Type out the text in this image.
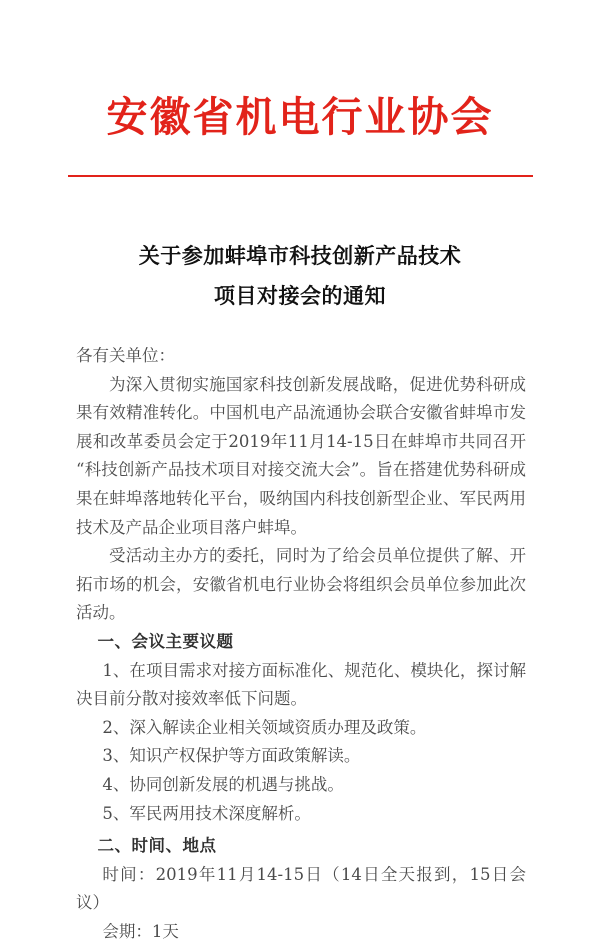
安徽省机电行业协会
关于参加蚌埠市科技创新产品技术
项目对接会的通知

各有关单位：

为深入贯彻实施国家科技创新发展战略，促进优势科研成果有效精准转化。中国机电产品流通协会联合安徽省蚌埠市发展和改革委员会定于2019年11月14-15日在蚌埠市共同召开“科技创新产品技术项目对接交流大会”。旨在搭建优势科研成果在蚌埠落地转化平台，吸纳国内科技创新型企业、军民两用技术及产品企业项目落户蚌埠。

受活动主办方的委托，同时为了给会员单位提供了解、开拓市场的机会，安徽省机电行业协会将组织会员单位参加此次活动。

一、会议主要议题

1、在项目需求对接方面标准化、规范化、模块化，探讨解决目前分散对接效率低下问题。

2、深入解读企业相关领域资质办理及政策。

3、知识产权保护等方面政策解读。

4、协同创新发展的机遇与挑战。

5、军民两用技术深度解析。

二、时间、地点

时间：2019年11月14-15日（14日全天报到，15日会议）

会期：1天
